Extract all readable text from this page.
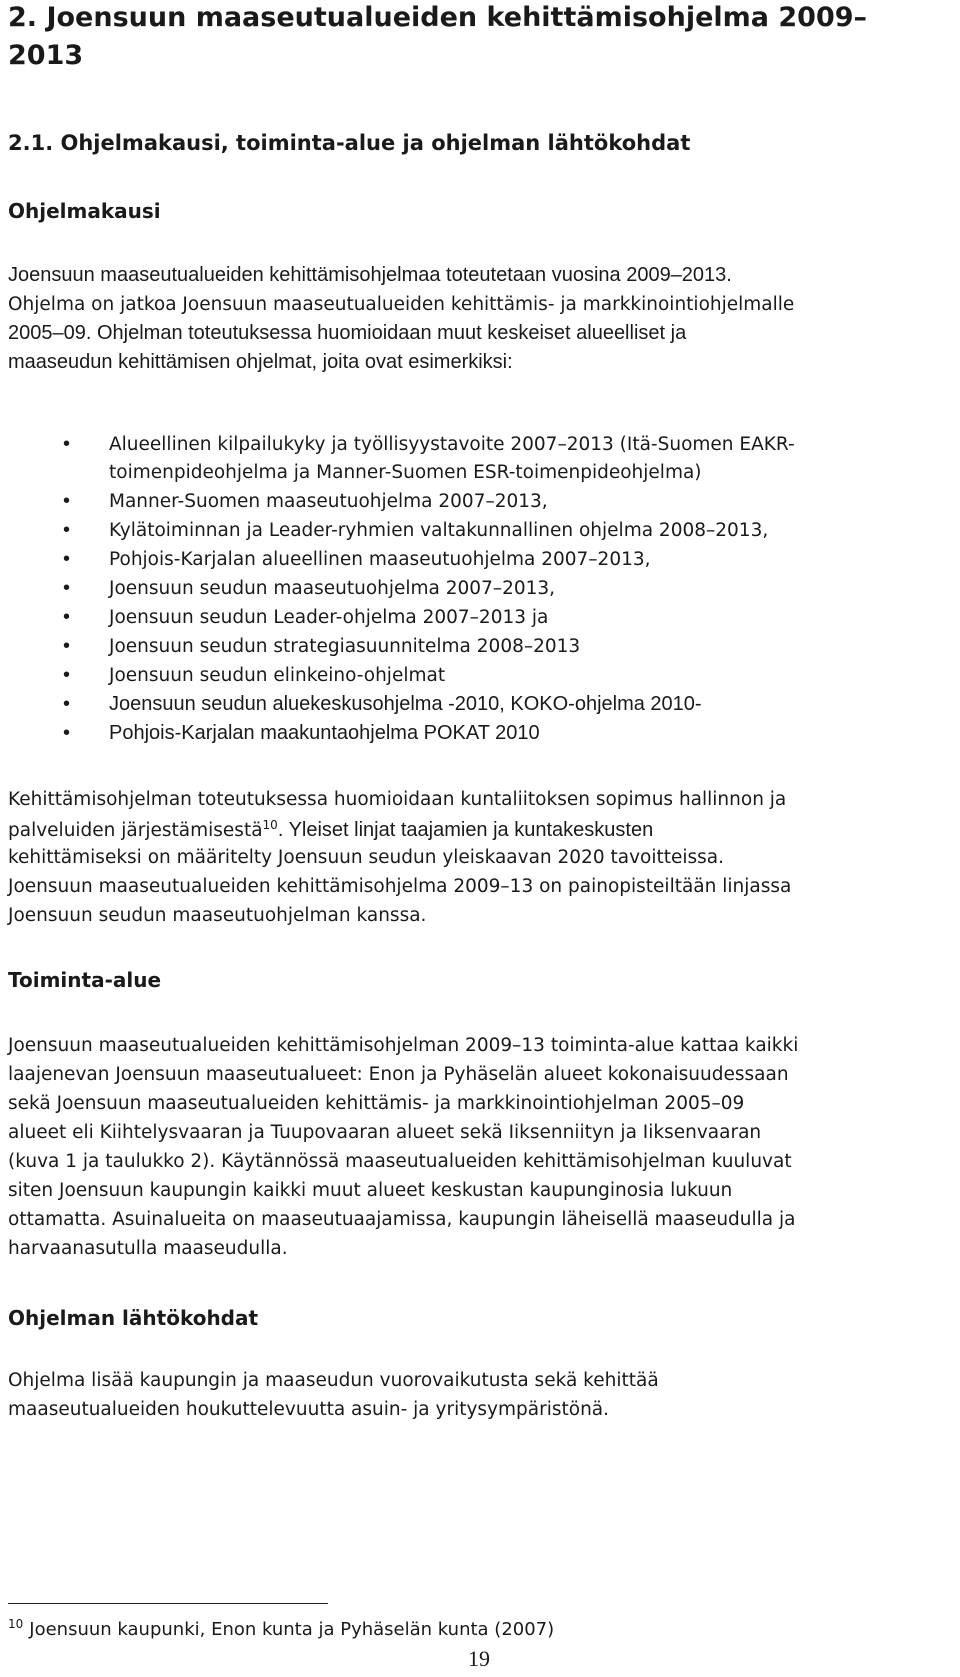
2. Joensuun maaseutualueiden kehittämisohjelma 2009–
2013
2.1. Ohjelmakausi, toiminta-alue ja ohjelman lähtökohdat
Ohjelmakausi
Joensuun maaseutualueiden kehittämisohjelmaa toteutetaan vuosina 2009–2013.
Ohjelma on jatkoa Joensuun maaseutualueiden kehittämis- ja markkinointiohjelmalle
2005–09. Ohjelman toteutuksessa huomioidaan muut keskeiset alueelliset ja
maaseudun kehittämisen ohjelmat, joita ovat esimerkiksi:
• Alueellinen kilpailukyky ja työllisyystavoite 2007–2013 (Itä-Suomen EAKR-
toimenpideohjelma ja Manner-Suomen ESR-toimenpideohjelma)
• Manner-Suomen maaseutuohjelma 2007–2013,
• Kylätoiminnan ja Leader-ryhmien valtakunnallinen ohjelma 2008–2013,
• Pohjois-Karjalan alueellinen maaseutuohjelma 2007–2013,
• Joensuun seudun maaseutuohjelma 2007–2013,
• Joensuun seudun Leader-ohjelma 2007–2013 ja
• Joensuun seudun strategiasuunnitelma 2008–2013
• Joensuun seudun elinkeino-ohjelmat
• Joensuun seudun aluekeskusohjelma -2010, KOKO-ohjelma 2010-
• Pohjois-Karjalan maakuntaohjelma POKAT 2010
Kehittämisohjelman toteutuksessa huomioidaan kuntaliitoksen sopimus hallinnon ja
palveluiden järjestämisestä$^{10}$. Yleiset linjat taajamien ja kuntakeskusten
kehittämiseksi on määritelty Joensuun seudun yleiskaavan 2020 tavoitteissa.
Joensuun maaseutualueiden kehittämisohjelma 2009–13 on painopisteiltään linjassa
Joensuun seudun maaseutuohjelman kanssa.
Toiminta-alue
Joensuun maaseutualueiden kehittämisohjelman 2009–13 toiminta-alue kattaa kaikki
laajenevan Joensuun maaseutualueet: Enon ja Pyhäselän alueet kokonaisuudessaan
sekä Joensuun maaseutualueiden kehittämis- ja markkinointiohjelman 2005–09
alueet eli Kiihtelysvaaran ja Tuupovaaran alueet sekä Iiksenniityn ja Iiksenvaaran
(kuva 1 ja taulukko 2). Käytännössä maaseutualueiden kehittämisohjelman kuuluvat
siten Joensuun kaupungin kaikki muut alueet keskustan kaupunginosia lukuun
ottamatta. Asuinalueita on maaseutuaajamissa, kaupungin läheisellä maaseudulla ja
harvaanasutulla maaseudulla.
Ohjelman lähtökohdat
Ohjelma lisää kaupungin ja maaseudun vuorovaikutusta sekä kehittää
maaseutualueiden houkuttelevuutta asuin- ja yritysympäristönä.
$^{10}$ Joensuun kaupunki, Enon kunta ja Pyhäselän kunta (2007)
19
